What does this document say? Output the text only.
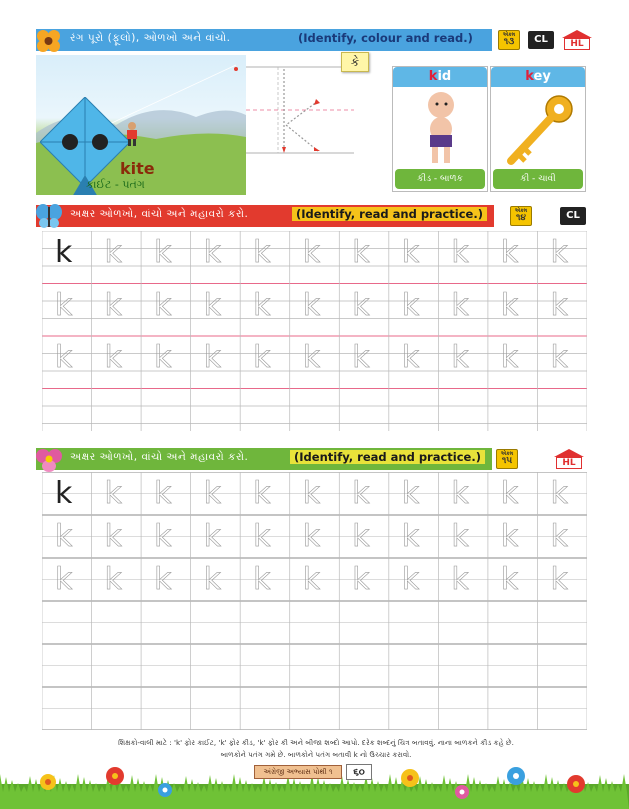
રંગ પૂરો (ફૂલો), ઓળખો અને વાંચો.	(Identify, colour and read.)	એકમ
૧૩	CL	HL
kite
કાઈટ - પતંગ
કે
kid
કીડ - બાળક
key
કી - ચાવી
અક્ષર ઓળખો, વાંચો અને મહાવરો કરો.	(Identify, read and practice.)	એકમ
૧૪	CL
k k k k k k k k k k k
k k k k k k k k k k k
k k k k k k k k k k k
અક્ષર ઓળખો, વાંચો અને મહાવરો કરો.	(Identify, read and practice.)	એકમ
૧૫	HL
k k k k k k k k k k k
k k k k k k k k k k k
k k k k k k k k k k k
શિક્ષકો-વાલી માટે : 'k' ફોર કાઈટ, 'k' ફોર કીડ, 'k' ફોર કી અને બીજા શબ્દો આપો. દરેક શબ્દનું ચિત્ર બતાવવું. નાના બાળકને કીડ કહે છે.
બાળકોને પતંગ ગમે છે. બાળકોને પતંગ બતાવી k નો ઉચ્ચાર કરાવો.
અંગ્રેજી અભ્યાસ પોથી ૧	૬૦
